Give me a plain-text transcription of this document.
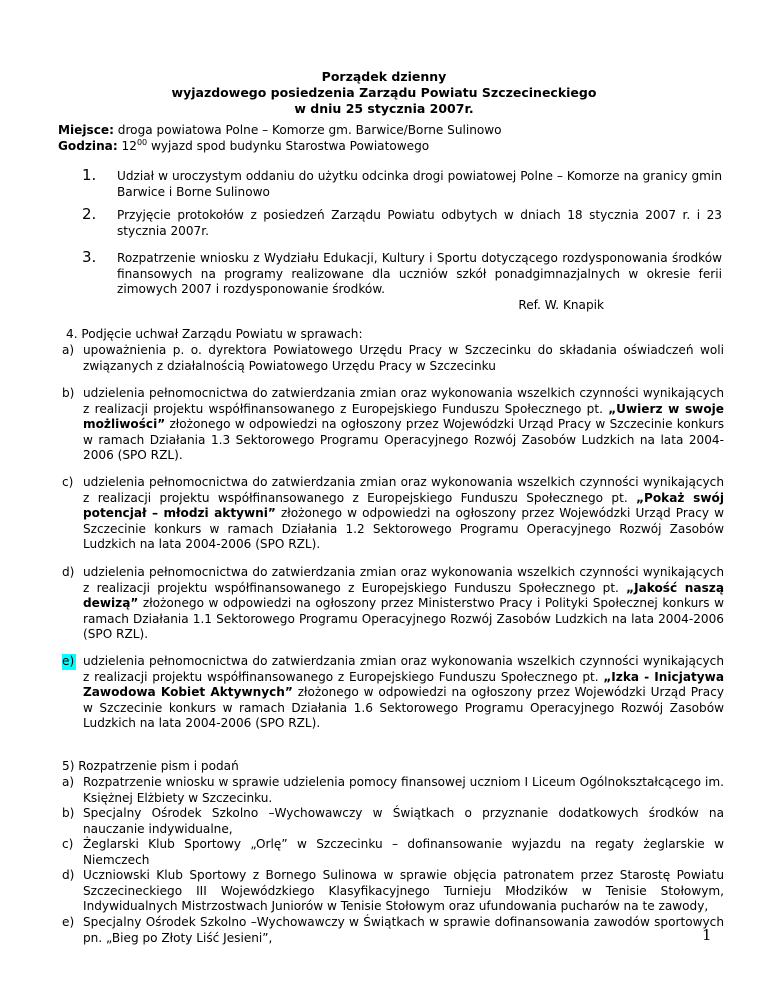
Porządek dzienny
wyjazdowego posiedzenia Zarządu Powiatu Szczecineckiego
w dniu 25 stycznia 2007r.
Miejsce: droga powiatowa Polne – Komorze gm. Barwice/Borne Sulinowo
Godzina: $12^{00}$ wyjazd spod budynku Starostwa Powiatowego
1. Udział w uroczystym oddaniu do użytku odcinka drogi powiatowej Polne – Komorze na granicy gmin Barwice i Borne Sulinowo
2. Przyjęcie protokołów z posiedzeń Zarządu Powiatu odbytych w dniach 18 stycznia 2007 r. i 23 stycznia 2007r.
3. Rozpatrzenie wniosku z Wydziału Edukacji, Kultury i Sportu dotyczącego rozdysponowania środków finansowych na programy realizowane dla uczniów szkół ponadgimnazjalnych w okresie ferii zimowych 2007 i rozdysponowanie środków.
Ref. W. Knapik
4. Podjęcie uchwał Zarządu Powiatu w sprawach:
a) upoważnienia p. o. dyrektora Powiatowego Urzędu Pracy w Szczecinku do składania oświadczeń woli związanych z działalnością Powiatowego Urzędu Pracy w Szczecinku
b) udzielenia pełnomocnictwa do zatwierdzania zmian oraz wykonowania wszelkich czynności wynikających z realizacji projektu współfinansowanego z Europejskiego Funduszu Społecznego pt. „Uwierz w swoje możliwości” złożonego w odpowiedzi na ogłoszony przez Wojewódzki Urząd Pracy w Szczecinie konkurs w ramach Działania 1.3 Sektorowego Programu Operacyjnego Rozwój Zasobów Ludzkich na lata 2004-2006 (SPO RZL).
c) udzielenia pełnomocnictwa do zatwierdzania zmian oraz wykonowania wszelkich czynności wynikających z realizacji projektu współfinansowanego z Europejskiego Funduszu Społecznego pt. „Pokaż swój potencjał – młodzi aktywni” złożonego w odpowiedzi na ogłoszony przez Wojewódzki Urząd Pracy w Szczecinie konkurs w ramach Działania 1.2 Sektorowego Programu Operacyjnego Rozwój Zasobów Ludzkich na lata 2004-2006 (SPO RZL).
d) udzielenia pełnomocnictwa do zatwierdzania zmian oraz wykonowania wszelkich czynności wynikających z realizacji projektu współfinansowanego z Europejskiego Funduszu Społecznego pt. „Jakość naszą dewizą” złożonego w odpowiedzi na ogłoszony przez Ministerstwo Pracy i Polityki Społecznej konkurs w ramach Działania 1.1 Sektorowego Programu Operacyjnego Rozwój Zasobów Ludzkich na lata 2004-2006 (SPO RZL).
e) udzielenia pełnomocnictwa do zatwierdzania zmian oraz wykonowania wszelkich czynności wynikających z realizacji projektu współfinansowanego z Europejskiego Funduszu Społecznego pt. „Izka - Inicjatywa Zawodowa Kobiet Aktywnych” złożonego w odpowiedzi na ogłoszony przez Wojewódzki Urząd Pracy w Szczecinie konkurs w ramach Działania 1.6 Sektorowego Programu Operacyjnego Rozwój Zasobów Ludzkich na lata 2004-2006 (SPO RZL).
5) Rozpatrzenie pism i podań
a) Rozpatrzenie wniosku w sprawie udzielenia pomocy finansowej uczniom I Liceum Ogólnokształcącego im. Księżnej Elżbiety w Szczecinku.
b) Specjalny Ośrodek Szkolno –Wychowawczy w Świątkach o przyznanie dodatkowych środków na nauczanie indywidualne,
c) Żeglarski Klub Sportowy „Orlę” w Szczecinku – dofinansowanie wyjazdu na regaty żeglarskie w Niemczech
d) Uczniowski Klub Sportowy z Bornego Sulinowa w sprawie objęcia patronatem przez Starostę Powiatu Szczecineckiego III Wojewódzkiego Klasyfikacyjnego Turnieju Młodzików w Tenisie Stołowym, Indywidualnych Mistrzostwach Juniorów w Tenisie Stołowym oraz ufundowania pucharów na te zawody,
e) Specjalny Ośrodek Szkolno –Wychowawczy w Świątkach w sprawie dofinansowania zawodów sportowych pn. „Bieg po Złoty Liść Jesieni”,	1
